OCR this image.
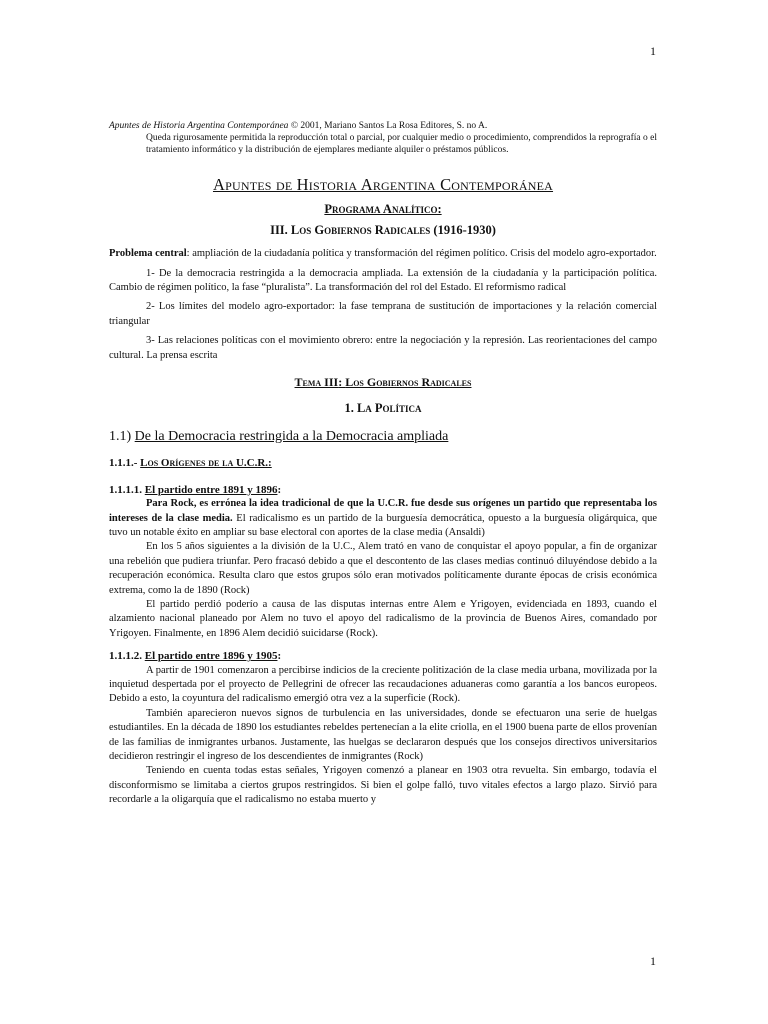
1

Apuntes de Historia Argentina Contemporánea © 2001, Mariano Santos La Rosa Editores, S. no A.
Queda rigurosamente permitida la reproducción total o parcial, por cualquier medio o procedimiento, comprendidos la reprografía o el tratamiento informático y la distribución de ejemplares mediante alquiler o préstamos públicos.

Apuntes de Historia Argentina Contemporánea
Programa Analítico:
III. Los Gobiernos Radicales (1916-1930)

Problema central: ampliación de la ciudadanía política y transformación del régimen político. Crisis del modelo agro-exportador.

1- De la democracia restringida a la democracia ampliada. La extensión de la ciudadanía y la participación política. Cambio de régimen político, la fase “pluralista”. La transformación del rol del Estado. El reformismo radical

2- Los límites del modelo agro-exportador: la fase temprana de sustitución de importaciones y la relación comercial triangular

3- Las relaciones políticas con el movimiento obrero: entre la negociación y la represión. Las reorientaciones del campo cultural. La prensa escrita

Tema III: Los Gobiernos Radicales
1. La Política

1.1) De la Democracia restringida a la Democracia ampliada

1.1.1.- Los Orígenes de la U.C.R.:

1.1.1.1. El partido entre 1891 y 1896:

Para Rock, es errónea la idea tradicional de que la U.C.R. fue desde sus orígenes un partido que representaba los intereses de la clase media. El radicalismo es un partido de la burguesía democrática, opuesto a la burguesía oligárquica, que tuvo un notable éxito en ampliar su base electoral con aportes de la clase media (Ansaldi)

En los 5 años siguientes a la división de la U.C., Alem trató en vano de conquistar el apoyo popular, a fin de organizar una rebelión que pudiera triunfar. Pero fracasó debido a que el descontento de las clases medias continuó diluyéndose debido a la recuperación económica. Resulta claro que estos grupos sólo eran motivados políticamente durante épocas de crisis económica extrema, como la de 1890 (Rock)

El partido perdió poderío a causa de las disputas internas entre Alem e Yrigoyen, evidenciada en 1893, cuando el alzamiento nacional planeado por Alem no tuvo el apoyo del radicalismo de la provincia de Buenos Aires, comandado por Yrigoyen. Finalmente, en 1896 Alem decidió suicidarse (Rock).

1.1.1.2. El partido entre 1896 y 1905:

A partir de 1901 comenzaron a percibirse indicios de la creciente politización de la clase media urbana, movilizada por la inquietud despertada por el proyecto de Pellegrini de ofrecer las recaudaciones aduaneras como garantía a los bancos europeos. Debido a esto, la coyuntura del radicalismo emergió otra vez a la superficie (Rock).

También aparecieron nuevos signos de turbulencia en las universidades, donde se efectuaron una serie de huelgas estudiantiles. En la década de 1890 los estudiantes rebeldes pertenecían a la elite criolla, en el 1900 buena parte de ellos provenían de las familias de inmigrantes urbanos. Justamente, las huelgas se declararon después que los consejos directivos universitarios decidieron restringir el ingreso de los descendientes de inmigrantes (Rock)

Teniendo en cuenta todas estas señales, Yrigoyen comenzó a planear en 1903 otra revuelta. Sin embargo, todavía el disconformismo se limitaba a ciertos grupos restringidos. Si bien el golpe falló, tuvo vitales efectos a largo plazo. Sirvió para recordarle a la oligarquía que el radicalismo no estaba muerto y

1
